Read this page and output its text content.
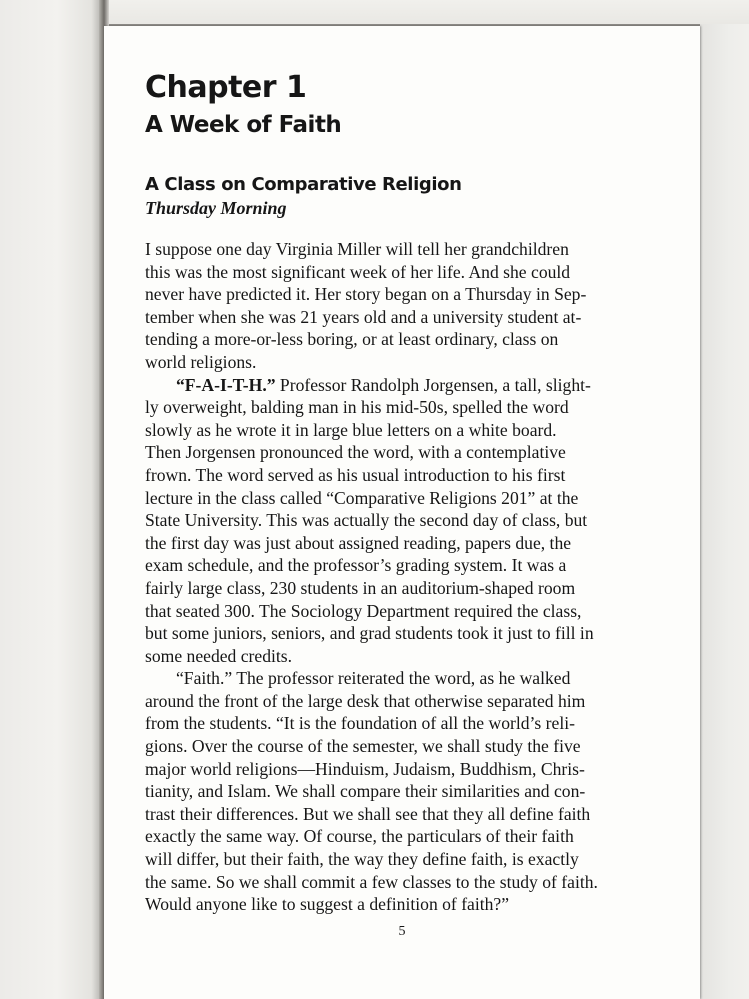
Chapter 1
A Week of Faith
A Class on Comparative Religion
Thursday Morning
I suppose one day Virginia Miller will tell her grandchildren
this was the most significant week of her life. And she could
never have predicted it. Her story began on a Thursday in Sep-
tember when she was 21 years old and a university student at-
tending a more-or-less boring, or at least ordinary, class on
world religions.
“F-A-I-T-H.” Professor Randolph Jorgensen, a tall, slight-
ly overweight, balding man in his mid-50s, spelled the word
slowly as he wrote it in large blue letters on a white board.
Then Jorgensen pronounced the word, with a contemplative
frown. The word served as his usual introduction to his first
lecture in the class called “Comparative Religions 201” at the
State University. This was actually the second day of class, but
the first day was just about assigned reading, papers due, the
exam schedule, and the professor’s grading system. It was a
fairly large class, 230 students in an auditorium-shaped room
that seated 300. The Sociology Department required the class,
but some juniors, seniors, and grad students took it just to fill in
some needed credits.
“Faith.” The professor reiterated the word, as he walked
around the front of the large desk that otherwise separated him
from the students. “It is the foundation of all the world’s reli-
gions. Over the course of the semester, we shall study the five
major world religions—Hinduism, Judaism, Buddhism, Chris-
tianity, and Islam. We shall compare their similarities and con-
trast their differences. But we shall see that they all define faith
exactly the same way. Of course, the particulars of their faith
will differ, but their faith, the way they define faith, is exactly
the same. So we shall commit a few classes to the study of faith.
Would anyone like to suggest a definition of faith?”
5
